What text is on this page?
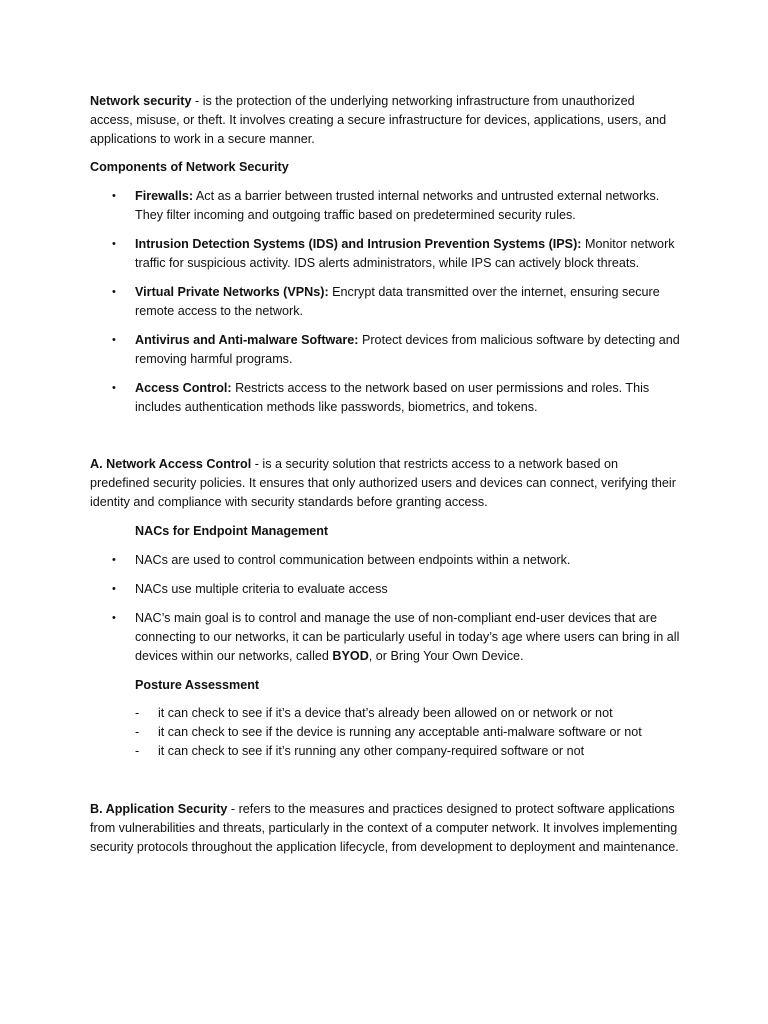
Network security - is the protection of the underlying networking infrastructure from unauthorized access, misuse, or theft. It involves creating a secure infrastructure for devices, applications, users, and applications to work in a secure manner.

Components of Network Security

• Firewalls: Act as a barrier between trusted internal networks and untrusted external networks. They filter incoming and outgoing traffic based on predetermined security rules.
• Intrusion Detection Systems (IDS) and Intrusion Prevention Systems (IPS): Monitor network traffic for suspicious activity. IDS alerts administrators, while IPS can actively block threats.
• Virtual Private Networks (VPNs): Encrypt data transmitted over the internet, ensuring secure remote access to the network.
• Antivirus and Anti-malware Software: Protect devices from malicious software by detecting and removing harmful programs.
• Access Control: Restricts access to the network based on user permissions and roles. This includes authentication methods like passwords, biometrics, and tokens.

A. Network Access Control - is a security solution that restricts access to a network based on predefined security policies. It ensures that only authorized users and devices can connect, verifying their identity and compliance with security standards before granting access.

NACs for Endpoint Management

• NACs are used to control communication between endpoints within a network.
• NACs use multiple criteria to evaluate access
• NAC’s main goal is to control and manage the use of non-compliant end-user devices that are connecting to our networks, it can be particularly useful in today’s age where users can bring in all devices within our networks, called BYOD, or Bring Your Own Device.

Posture Assessment

- it can check to see if it’s a device that’s already been allowed on or network or not
- it can check to see if the device is running any acceptable anti-malware software or not
- it can check to see if it’s running any other company-required software or not

B. Application Security - refers to the measures and practices designed to protect software applications from vulnerabilities and threats, particularly in the context of a computer network. It involves implementing security protocols throughout the application lifecycle, from development to deployment and maintenance.
